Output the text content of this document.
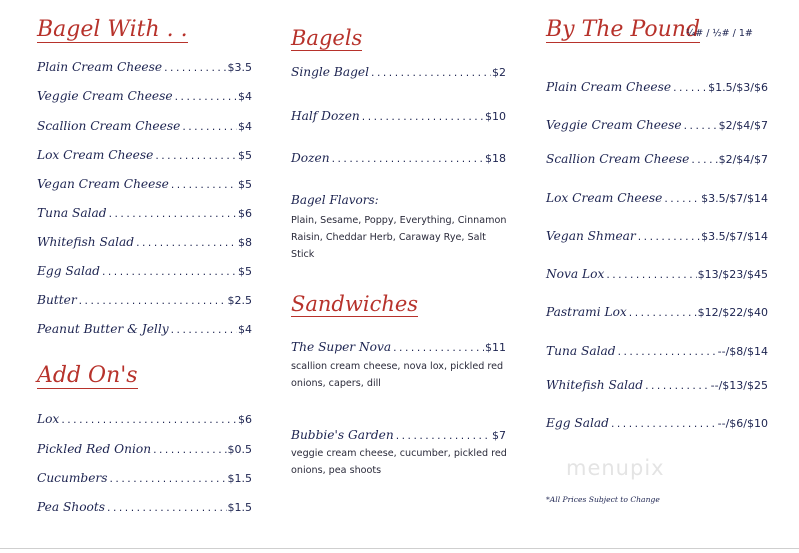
Bagel With . .
Plain Cream Cheese .....	$3.5
Veggie Cream Cheese .....	$4
Scallion Cream Cheese .....	$4
Lox Cream Cheese .....	$5
Vegan Cream Cheese .....	$5
Tuna Salad .....	$6
Whitefish Salad .....	$8
Egg Salad .....	$5
Butter .....	$2.5
Peanut Butter & Jelly .....	$4
Add On's
Lox .....	$6
Pickled Red Onion .....	$0.5
Cucumbers .....	$1.5
Pea Shoots .....	$1.5
Bagels
Single Bagel .....	$2
Half Dozen .....	$10
Dozen .....	$18
Bagel Flavors:
Plain, Sesame, Poppy, Everything, Cinnamon
Raisin, Cheddar Herb, Caraway Rye, Salt Stick
Sandwiches
The Super Nova .....	$11
scallion cream cheese, nova lox, pickled red
onions, capers, dill
Bubbie's Garden .....	$7
veggie cream cheese, cucumber, pickled red
onions, pea shoots
By The Pound
¼# / ½# / 1#
Plain Cream Cheese .....	$1.5/$3/$6
Veggie Cream Cheese .....	$2/$4/$7
Scallion Cream Cheese .....	$2/$4/$7
Lox Cream Cheese .....	$3.5/$7/$14
Vegan Shmear .....	$3.5/$7/$14
Nova Lox .....	$13/$23/$45
Pastrami Lox .....	$12/$22/$40
Tuna Salad .....	--/$8/$14
Whitefish Salad .....	--/$13/$25
Egg Salad .....	--/$6/$10
*All Prices Subject to Change
menupix
